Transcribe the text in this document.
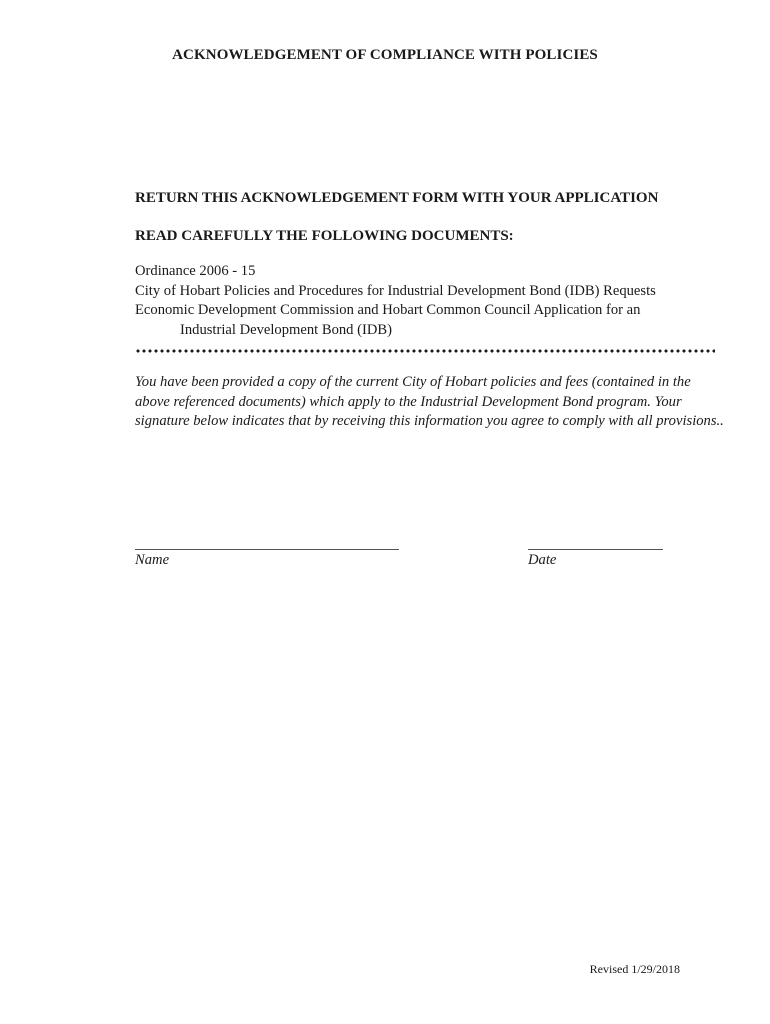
ACKNOWLEDGEMENT OF COMPLIANCE WITH POLICIES
RETURN THIS ACKNOWLEDGEMENT FORM WITH YOUR APPLICATION
READ CAREFULLY THE FOLLOWING DOCUMENTS:
Ordinance 2006 - 15
City of Hobart Policies and Procedures for Industrial Development Bond (IDB) Requests
Economic Development Commission and Hobart Common Council Application for an
Industrial Development Bond (IDB)
You have been provided a copy of the current City of Hobart policies and fees (contained in the above referenced documents) which apply to the Industrial Development Bond program. Your signature below indicates that by receiving this information you agree to comply with all provisions..
Name	Date
Revised 1/29/2018
